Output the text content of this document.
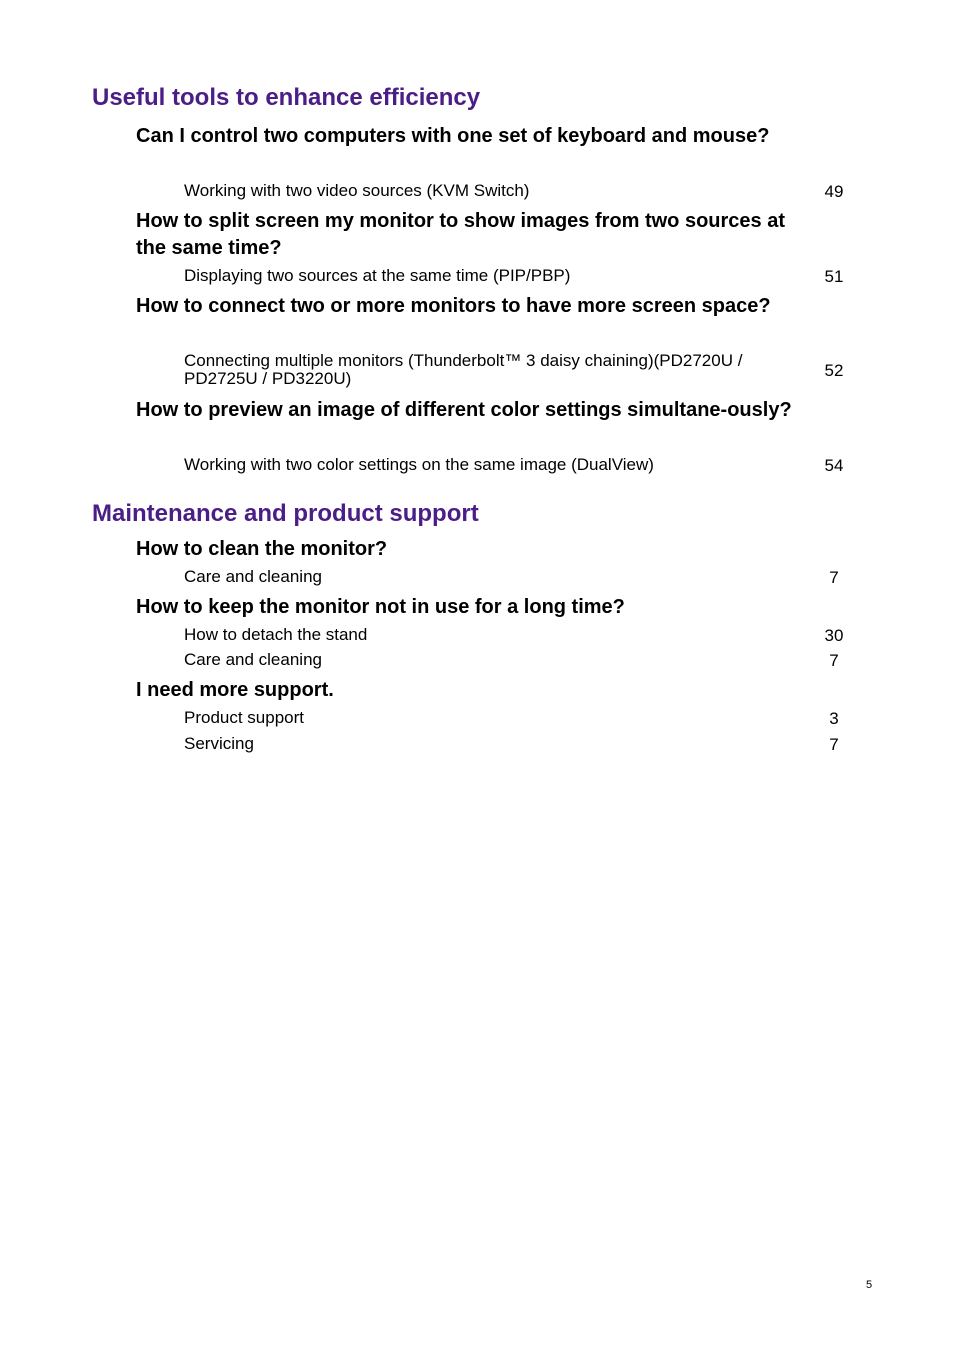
Useful tools to enhance efficiency
Can I control two computers with one set of keyboard and mouse?
Working with two video sources (KVM Switch)	49
How to split screen my monitor to show images from two sources at the same time?
Displaying two sources at the same time (PIP/PBP)	51
How to connect two or more monitors to have more screen space?
Connecting multiple monitors (Thunderbolt™ 3 daisy chaining)(PD2720U / PD2725U / PD3220U)	52
How to preview an image of different color settings simultane-ously?
Working with two color settings on the same image (DualView)	54
Maintenance and product support
How to clean the monitor?
Care and cleaning	7
How to keep the monitor not in use for a long time?
How to detach the stand	30
Care and cleaning	7
I need more support.
Product support	3
Servicing	7
5
